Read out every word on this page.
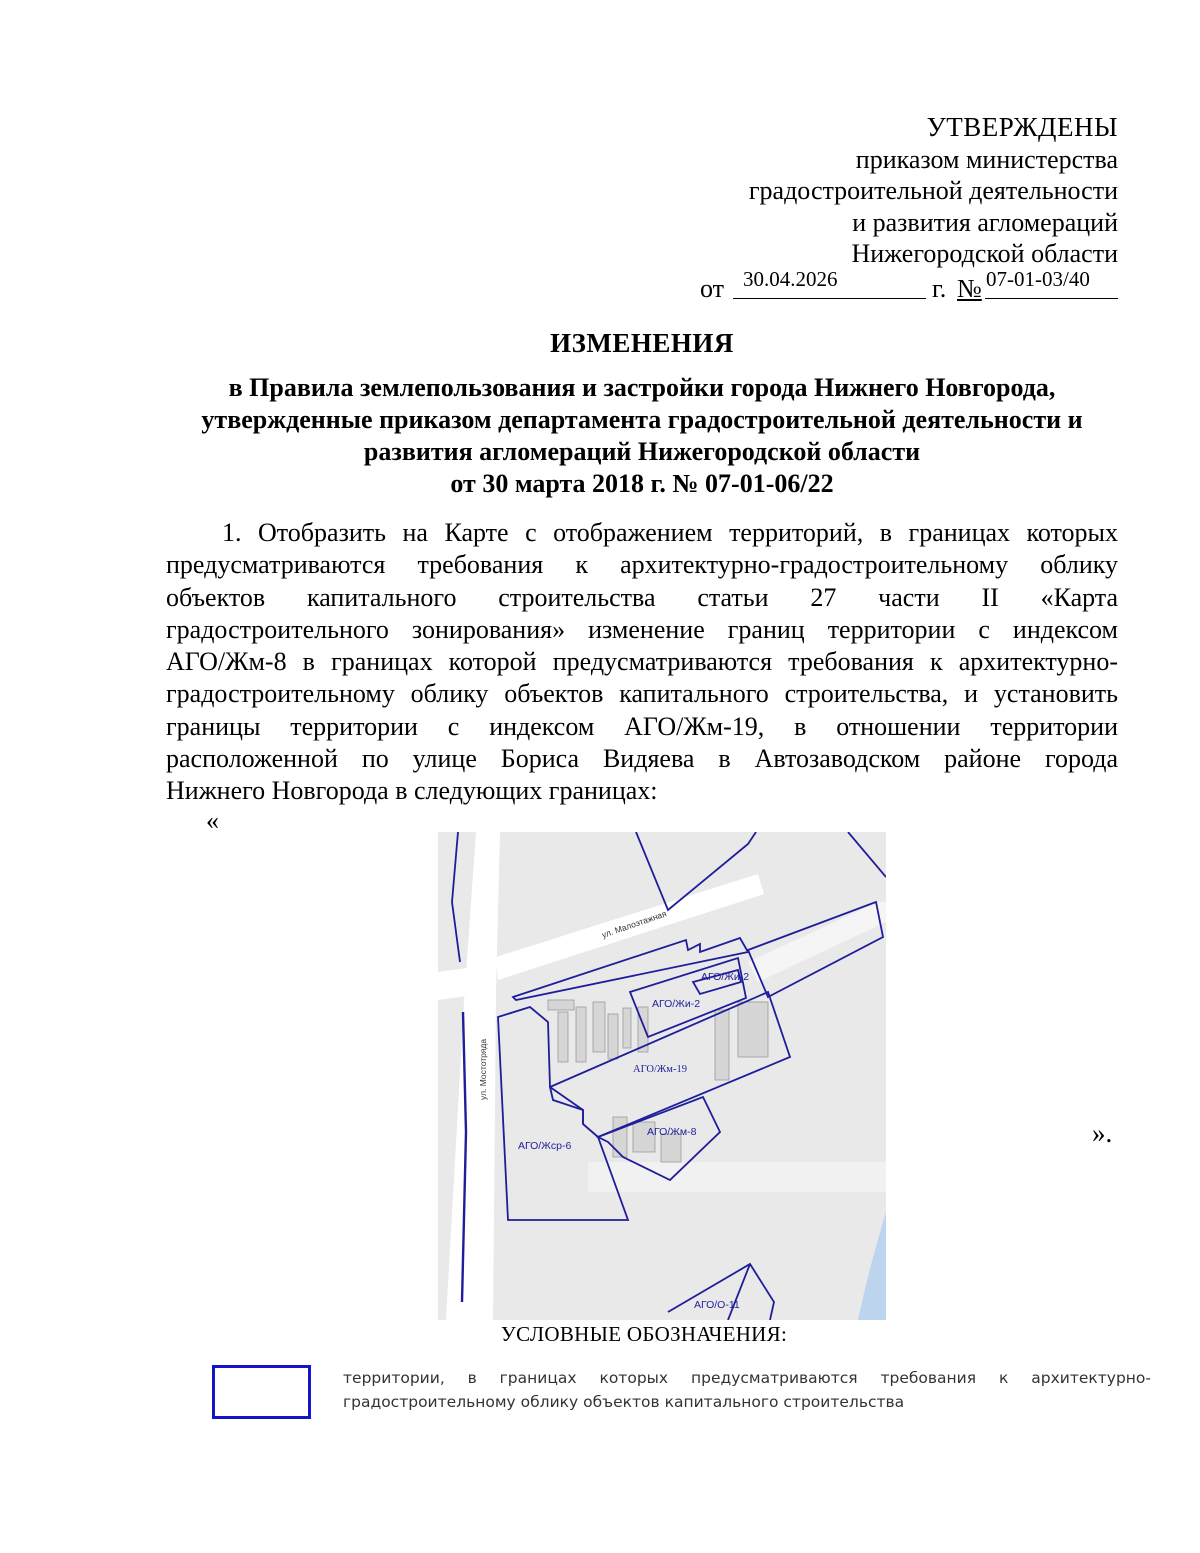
УТВЕРЖДЕНЫ
приказом министерства
градостроительной деятельности
и развития агломераций
Нижегородской области
от 30.04.2026	г. № 07-01-03/40
ИЗМЕНЕНИЯ
в Правила землепользования и застройки города Нижнего Новгорода,
утвержденные приказом департамента градостроительной деятельности и
развития агломераций Нижегородской области
от 30 марта 2018 г. № 07-01-06/22
1. Отобразить на Карте с отображением территорий, в границах которых
предусматриваются требования к архитектурно-градостроительному облику
объектов капитального строительства статьи 27 части II «Карта
градостроительного зонирования» изменение границ территории с индексом
АГО/Жм-8 в границах которой предусматриваются требования к архитектурно-
градостроительному облику объектов капитального строительства, и установить
границы территории с индексом АГО/Жм-19, в отношении территории
расположенной по улице Бориса Видяева в Автозаводском районе города
Нижнего Новгорода в следующих границах:
«
ул. Малоэтажная
ул. Мостотряда
АГО/Жи-2
АГО/Жи-2
АГО/Жм-19
АГО/Жм-8
АГО/Жср-6
АГО/О-11
УСЛОВНЫЕ ОБОЗНАЧЕНИЯ:
территории, в границах которых предусматриваются требования к архитектурно-
градостроительному облику объектов капитального строительства
».
